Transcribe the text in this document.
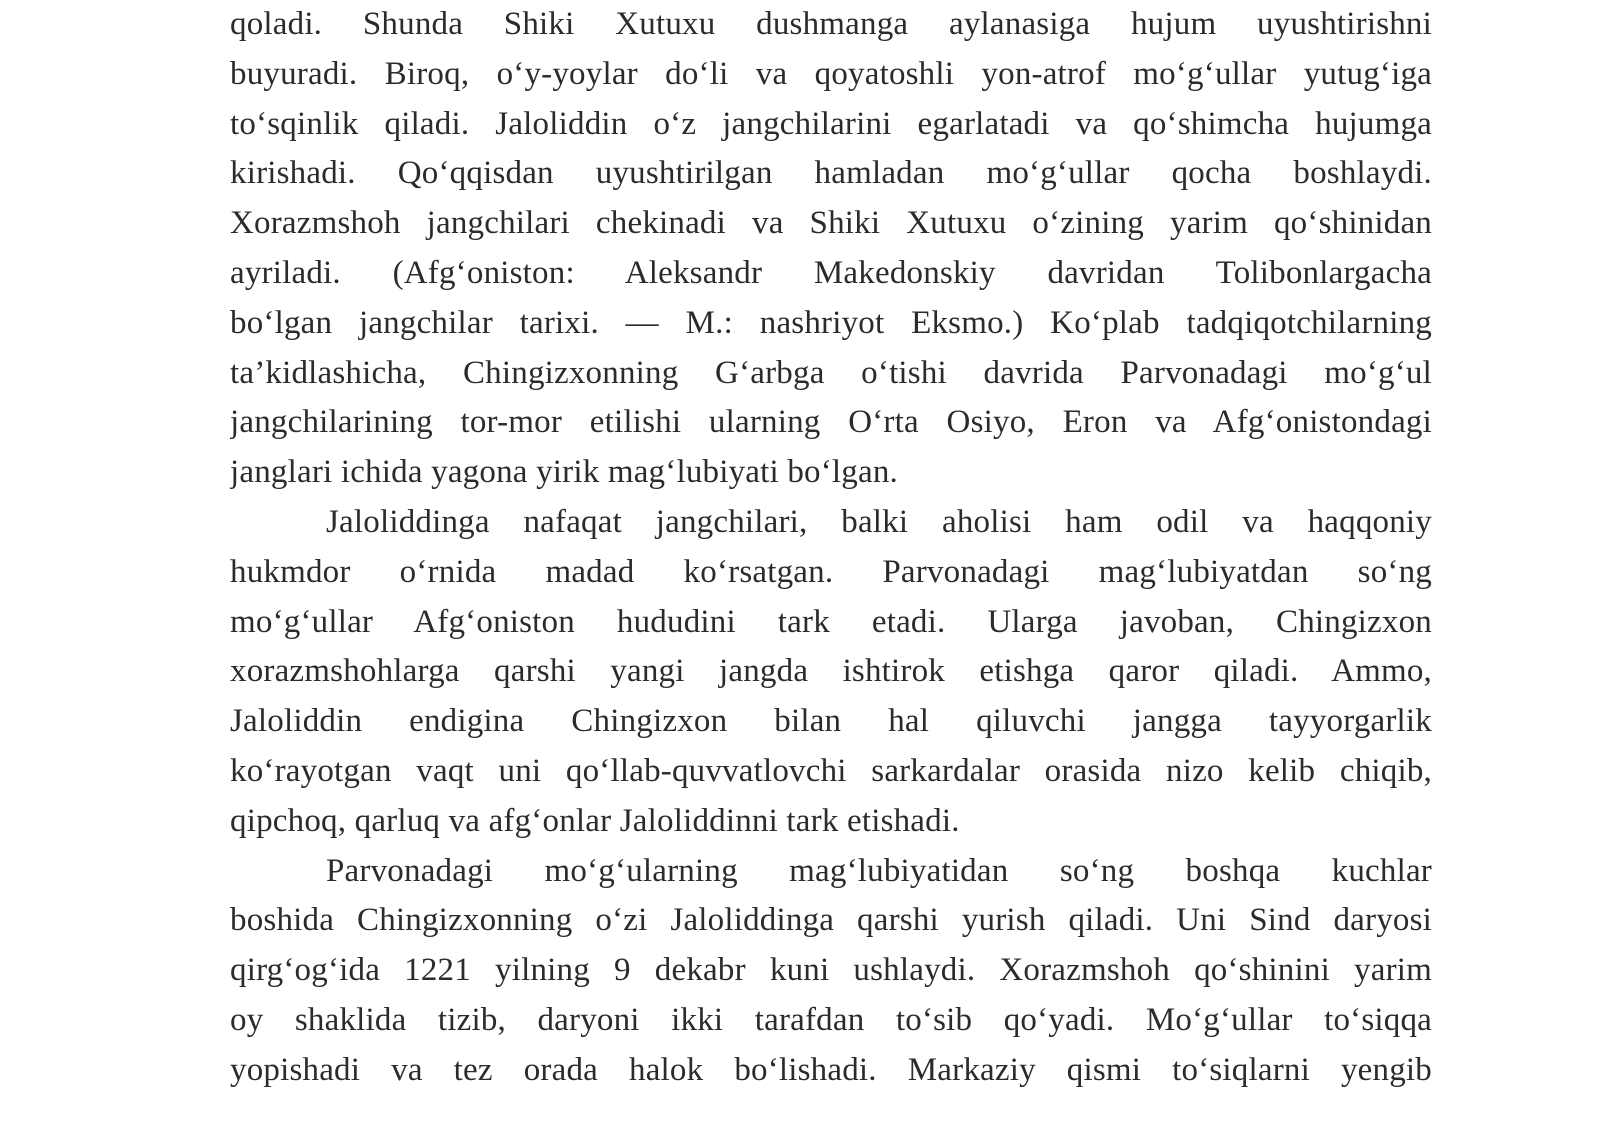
qoladi. Shunda Shiki Xutuxu dushmanga aylanasiga hujum uyushtirishni
buyuradi. Biroq, o‘y-yoylar do‘li va qoyatoshli yon-atrof mo‘g‘ullar yutug‘iga
to‘sqinlik qiladi. Jaloliddin o‘z jangchilarini egarlatadi va qo‘shimcha hujumga
kirishadi. Qo‘qqisdan uyushtirilgan hamladan mo‘g‘ullar qocha boshlaydi.
Xorazmshoh jangchilari chekinadi va Shiki Xutuxu o‘zining yarim qo‘shinidan
ayriladi. (Afg‘oniston: Aleksandr Makedonskiy davridan Tolibonlargacha
bo‘lgan jangchilar tarixi. — M.: nashriyot Eksmo.) Ko‘plab tadqiqotchilarning
ta’kidlashicha, Chingizxonning G‘arbga o‘tishi davrida Parvonadagi mo‘g‘ul
jangchilarining tor-mor etilishi ularning O‘rta Osiyo, Eron va Afg‘onistondagi
janglari ichida yagona yirik mag‘lubiyati bo‘lgan.
Jaloliddinga nafaqat jangchilari, balki aholisi ham odil va haqqoniy
hukmdor o‘rnida madad ko‘rsatgan. Parvonadagi mag‘lubiyatdan so‘ng
mo‘g‘ullar Afg‘oniston hududini tark etadi. Ularga javoban, Chingizxon
xorazmshohlarga qarshi yangi jangda ishtirok etishga qaror qiladi. Ammo,
Jaloliddin endigina Chingizxon bilan hal qiluvchi jangga tayyorgarlik
ko‘rayotgan vaqt uni qo‘llab-quvvatlovchi sarkardalar orasida nizo kelib chiqib,
qipchoq, qarluq va afg‘onlar Jaloliddinni tark etishadi.
Parvonadagi mo‘g‘ularning mag‘lubiyatidan so‘ng boshqa kuchlar
boshida Chingizxonning o‘zi Jaloliddinga qarshi yurish qiladi. Uni Sind daryosi
qirg‘og‘ida 1221 yilning 9 dekabr kuni ushlaydi. Xorazmshoh qo‘shinini yarim
oy shaklida tizib, daryoni ikki tarafdan to‘sib qo‘yadi. Mo‘g‘ullar to‘siqqa
yopishadi va tez orada halok bo‘lishadi. Markaziy qismi to‘siqlarni yengib
